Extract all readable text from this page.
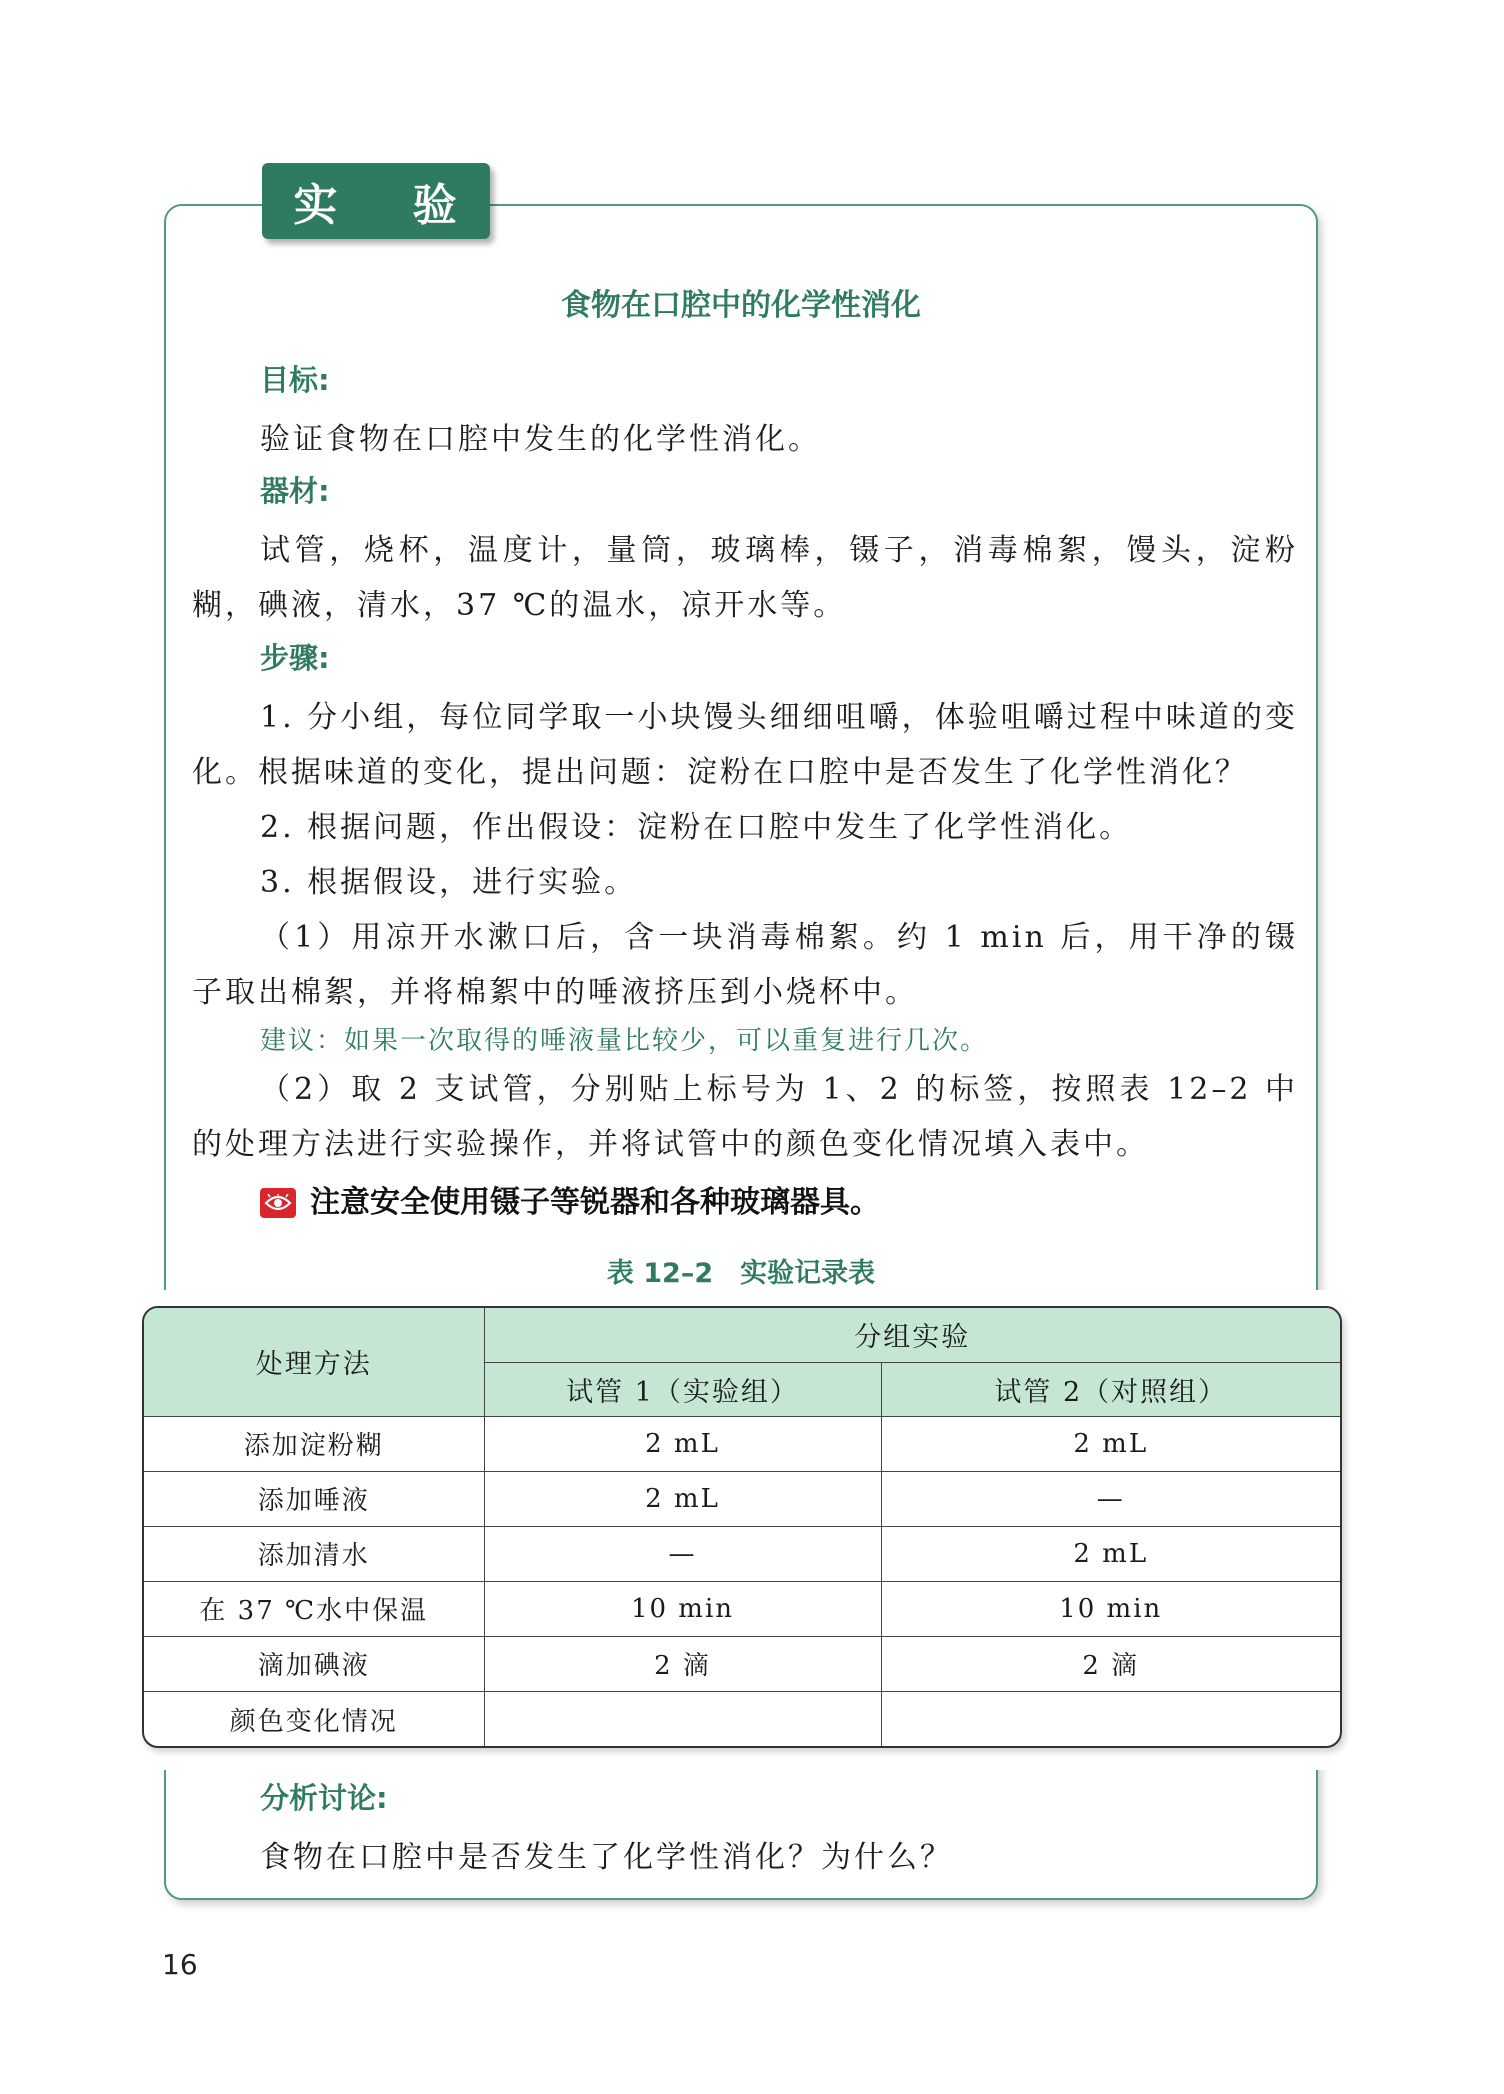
实 验
食物在口腔中的化学性消化
目标:

验证食物在口腔中发生的化学性消化。

器材:

试管，烧杯，温度计，量筒，玻璃棒，镊子，消毒棉絮，馒头，淀粉糊，碘液，清水，37 ℃的温水，凉开水等。

步骤:

1. 分小组，每位同学取一小块馒头细细咀嚼，体验咀嚼过程中味道的变化。根据味道的变化，提出问题：淀粉在口腔中是否发生了化学性消化？

2. 根据问题，作出假设：淀粉在口腔中发生了化学性消化。

3. 根据假设，进行实验。

（1）用凉开水漱口后，含一块消毒棉絮。约 1 min 后，用干净的镊子取出棉絮，并将棉絮中的唾液挤压到小烧杯中。

建议：如果一次取得的唾液量比较少，可以重复进行几次。

（2）取 2 支试管，分别贴上标号为 1、2 的标签，按照表 12–2 中的处理方法进行实验操作，并将试管中的颜色变化情况填入表中。

注意安全使用镊子等锐器和各种玻璃器具。
表 12–2　实验记录表
处理方法	分组实验	
	试管 1（实验组）	试管 2（对照组）
添加淀粉糊	2 mL	2 mL
添加唾液	2 mL	—
添加清水	—	2 mL
在 37 ℃水中保温	10 min	10 min
滴加碘液	2 滴	2 滴
颜色变化情况		
分析讨论:

食物在口腔中是否发生了化学性消化？为什么？

16
